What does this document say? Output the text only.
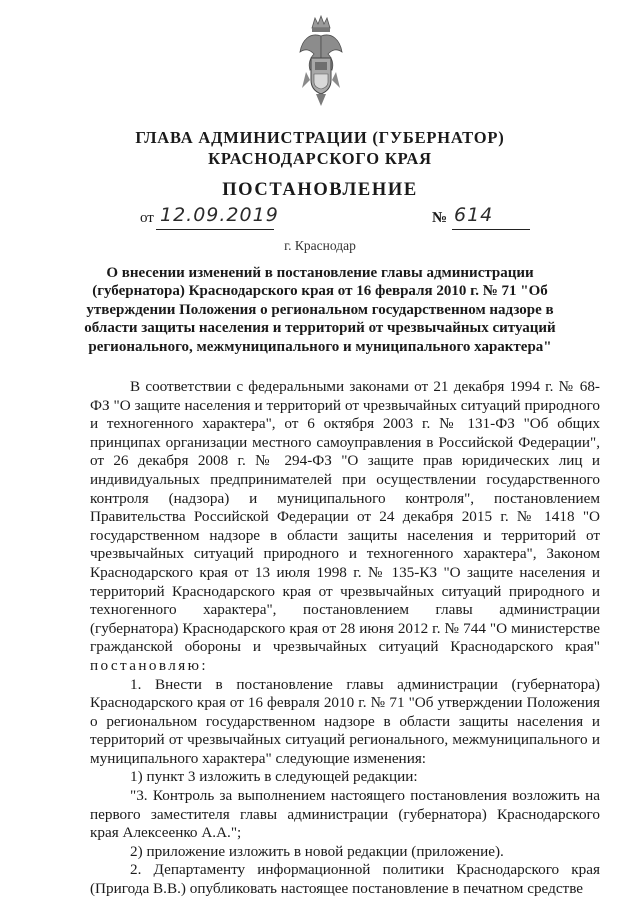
ГЛАВА АДМИНИСТРАЦИИ (ГУБЕРНАТОР)
КРАСНОДАРСКОГО КРАЯ
ПОСТАНОВЛЕНИЕ
от 12.09.2019	№ 614
г. Краснодар
О внесении изменений в постановление главы администрации (губернатора) Краснодарского края от 16 февраля 2010 г. № 71 "Об утверждении Положения о региональном государственном надзоре в области защиты населения и территорий от чрезвычайных ситуаций регионального, межмуниципального и муниципального характера"

В соответствии с федеральными законами от 21 декабря 1994 г. № 68-ФЗ "О защите населения и территорий от чрезвычайных ситуаций природного и техногенного характера", от 6 октября 2003 г. № 131-ФЗ "Об общих принципах организации местного самоуправления в Российской Федерации", от 26 декабря 2008 г. № 294-ФЗ "О защите прав юридических лиц и индивидуальных предпринимателей при осуществлении государственного контроля (надзора) и муниципального контроля", постановлением Правительства Российской Федерации от 24 декабря 2015 г. № 1418 "О государственном надзоре в области защиты населения и территорий от чрезвычайных ситуаций природного и техногенного характера", Законом Краснодарского края от 13 июля 1998 г. № 135-КЗ "О защите населения и территорий Краснодарского края от чрезвычайных ситуаций природного и техногенного характера", постановлением главы администрации (губернатора) Краснодарского края от 28 июня 2012 г. № 744 "О министерстве гражданской обороны и чрезвычайных ситуаций Краснодарского края" постановляю:

1. Внести в постановление главы администрации (губернатора) Краснодарского края от 16 февраля 2010 г. № 71 "Об утверждении Положения о региональном государственном надзоре в области защиты населения и территорий от чрезвычайных ситуаций регионального, межмуниципального и муниципального характера" следующие изменения:

1) пункт 3 изложить в следующей редакции:

"3. Контроль за выполнением настоящего постановления возложить на первого заместителя главы администрации (губернатора) Краснодарского края Алексеенко А.А.";

2) приложение изложить в новой редакции (приложение).

2. Департаменту информационной политики Краснодарского края (Пригода В.В.) опубликовать настоящее постановление в печатном средстве
